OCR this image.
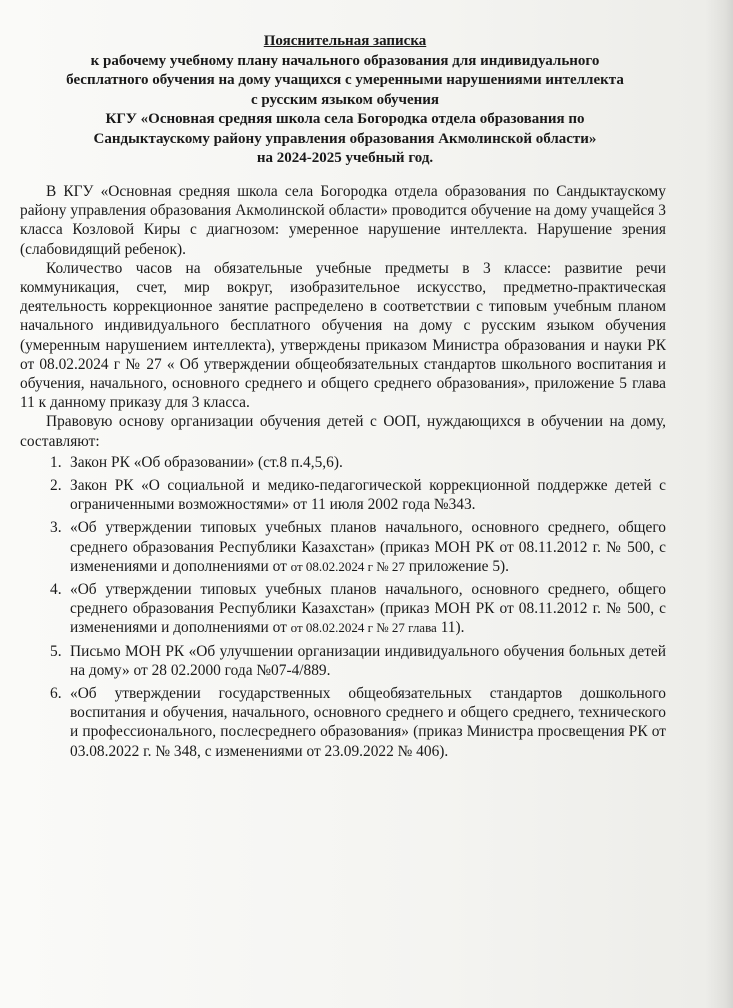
Пояснительная записка
к рабочему учебному плану начального образования для индивидуального
бесплатного обучения на дому учащихся с умеренными нарушениями интеллекта
с русским языком обучения
КГУ «Основная средняя школа села Богородка отдела образования по
Сандыктаускому району управления образования Акмолинской области»
на 2024-2025 учебный год.

В КГУ «Основная средняя школа села Богородка отдела образования по Сандыктаускому району управления образования Акмолинской области» проводится обучение на дому учащейся 3 класса Козловой Киры с диагнозом: умеренное нарушение интеллекта. Нарушение зрения (слабовидящий ребенок).

Количество часов на обязательные учебные предметы в 3 классе: развитие речи коммуникация, счет, мир вокруг, изобразительное искусство, предметно-практическая деятельность коррекционное занятие распределено в соответствии с типовым учебным планом начального индивидуального бесплатного обучения на дому с русским языком обучения (умеренным нарушением интеллекта), утверждены приказом Министра образования и науки РК от 08.02.2024 г № 27 « Об утверждении общеобязательных стандартов школьного воспитания и обучения, начального, основного среднего и общего среднего образования», приложение 5 глава 11 к данному приказу для 3 класса.

Правовую основу организации обучения детей с ООП, нуждающихся в обучении на дому, составляют:

1. Закон РК «Об образовании» (ст.8 п.4,5,6).
2. Закон РК «О социальной и медико-педагогической коррекционной поддержке детей с ограниченными возможностями» от 11 июля 2002 года №343.
3. «Об утверждении типовых учебных планов начального, основного среднего, общего среднего образования Республики Казахстан» (приказ МОН РК от 08.11.2012 г. № 500, с изменениями и дополнениями от от 08.02.2024 г № 27 приложение 5).
4. «Об утверждении типовых учебных планов начального, основного среднего, общего среднего образования Республики Казахстан» (приказ МОН РК от 08.11.2012 г. № 500, с изменениями и дополнениями от от 08.02.2024 г № 27 глава 11).
5. Письмо МОН РК «Об улучшении организации индивидуального обучения больных детей на дому» от 28 02.2000 года №07-4/889.
6. «Об утверждении государственных общеобязательных стандартов дошкольного воспитания и обучения, начального, основного среднего и общего среднего, технического и профессионального, послесреднего образования» (приказ Министра просвещения РК от 03.08.2022 г. № 348, с изменениями от 23.09.2022 № 406).
